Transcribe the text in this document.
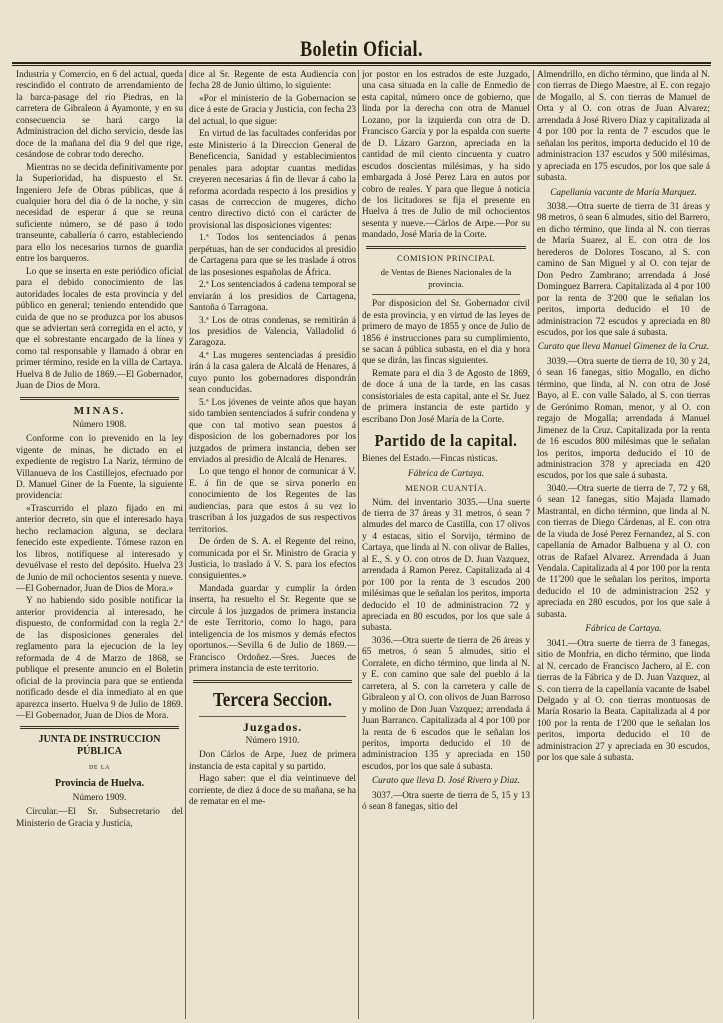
Boletin Oficial.

Industria y Comercio, en 6 del actual, queda rescindido el contrato de arrendamiento de la barca-pasage del rio Piedras, en la carretera de Gibraleon á Ayamonte, y en su consecuencia se hará cargo la Administracion del dicho servicio, desde las doce de la mañana del dia 9 del que rige, cesándose de cobrar todo derecho.

Mientras no se decida definitivamente por la Superioridad, ha dispuesto el Sr. Ingeniero Jefe de Obras públicas, que á cualquier hora del dia ó de la noche, y sin necesidad de esperar á que se reuna suficiente número, se dé paso á todo transeunte, caballería ó carro, estableciendo para ello los necesarios turnos de guardia entre los barqueros.

Lo que se inserta en este periódico oficial para el debido conocimiento de las autoridades locales de esta provincia y del público en general; teniendo entendido que cuida de que no se produzca por los abusos que se adviertan será corregida en el acto, y que el sobrestante encargado de la línea y como tal responsable y llamado á obrar en primer término, reside en la villa de Cartaya. Huelva 8 de Julio de 1869.—El Gobernador, Juan de Dios de Mora.

MINAS.
Número 1908.

Conforme con lo prevenido en la ley vigente de minas, he dictado en el expediente de registro La Nariz, término de Villanueva de los Castillejos, efectuado por D. Manuel Giner de la Fuente, la siguiente providencia:

«Trascurrido el plazo fijado en mi anterior decreto, sin que el interesado haya hecho reclamacion alguna, se declara fenecido este expediente. Tómese razon en los libros, notifíquese al interesado y devuélvase el resto del depósito. Huelva 23 de Junio de mil ochocientos sesenta y nueve.—El Gobernador, Juan de Dios de Mora.»

Y no habiendo sido posible notificar la anterior providencia al interesado, he dispuesto, de conformidad con la regla 2.ª de las disposiciones generales del reglamento para la ejecucion de la ley reformada de 4 de Marzo de 1868, se publique el presente anuncio en el Boletin oficial de la provincia para que se entienda notificado desde el dia inmediato al en que aparezca inserto. Huelva 9 de Julio de 1869.—El Gobernador, Juan de Dios de Mora.

JUNTA DE INSTRUCCION PÚBLICA
de la
Provincia de Huelva.
Número 1909.

Circular.—El Sr. Subsecretario del Ministerio de Gracia y Justicia,

dice al Sr. Regente de esta Audiencia con fecha 28 de Junio último, lo siguiente:

«Por el ministerio de la Gobernacion se dice á este de Gracia y Justicia, con fecha 23 del actual, lo que sigue:

En virtud de las facultades conferidas por este Ministerio á la Direccion General de Beneficencia, Sanidad y establecimientos penales para adoptar cuantas medidas creyeren necesarias á fin de llevar á cabo la reforma acordada respecto á los presidios y casas de correccion de mugeres, dicho centro directivo dictó con el carácter de provisional las disposiciones vigentes:

1.ª Todos los sentenciados á penas perpétuas, han de ser conducidos al presidio de Cartagena para que se les traslade á otros de las posesiones españolas de África.

2.ª Los sentenciados á cadena temporal se enviarán á los presidios de Cartagena, Santoña ó Tarragona.

3.ª Los de otras condenas, se remitirán á los presidios de Valencia, Valladolid ó Zaragoza.

4.ª Las mugeres sentenciadas á presidio irán á la casa galera de Alcalá de Henares, á cuyo punto los gobernadores dispondrán sean conducidas.

5.ª Los jóvenes de veinte años que hayan sido tambien sentenciados á sufrir condena y que con tal motivo sean puestos á disposicion de los gobernadores por los juzgados de primera instancia, deben ser enviados al presidio de Alcalá de Henares.

Lo que tengo el honor de comunicar á V. E. á fin de que se sirva ponerlo en conocimiento de los Regentes de las audiencias, para que estos á su vez lo trascriban á los juzgados de sus respectivos territorios.

De órden de S. A. el Regente del reino, comunicada por el Sr. Ministro de Gracia y Justicia, lo traslado á V. S. para los efectos consiguientes.»

Mandada guardar y cumplir la órden inserta, ha resuelto el Sr. Regente que se circule á los juzgados de primera instancia de este Territorio, como lo hago, para inteligencia de los mismos y demás efectos oportunos.—Sevilla 6 de Julio de 1869.—Francisco Ordoñez.—Sres. Jueces de primera instancia de este territorio.

Tercera Seccion.
Juzgados.
Número 1910.

Don Cárlos de Arpe, Juez de primera instancia de esta capital y su partido.

Hago saber: que el dia veintinueve del corriente, de diez á doce de su mañana, se ha de rematar en el me-

jor postor en los estrados de este Juzgado, una casa situada en la calle de Enmedio de esta capital, número once de gobierno, que linda por la derecha con otra de Manuel Lozano, por la izquierda con otra de D. Francisco García y por la espalda con suerte de D. Lázaro Garzon, apreciada en la cantidad de mil ciento cincuenta y cuatro escudos doscientas milésimas, y ha sido embargada á José Perez Lara en autos por cobro de reales. Y para que llegue á noticia de los licitadores se fija el presente en Huelva á tres de Julio de mil ochocientos sesenta y nueve.—Cárlos de Arpe.—Por su mandado, José María de la Corte.

COMISION PRINCIPAL
de Ventas de Bienes Nacionales de la provincia.

Por disposicion del Sr. Gobernador civil de esta provincia, y en virtud de las leyes de primero de mayo de 1855 y once de Julio de 1856 é instrucciones para su cumplimiento, se sacan á pública subasta, en el dia y hora que se dirán, las fincas siguientes.

Remate para el dia 3 de Agosto de 1869, de doce á una de la tarde, en las casas consistoriales de esta capital, ante el Sr. Juez de primera instancia de este partido y escribano Don José María de la Corte.

Partido de la capital.

Bienes del Estado.—Fincas rústicas.

Fábrica de Cartaya.
MENOR CUANTÍA.

Núm. del inventario 3035.—Una suerte de tierra de 37 áreas y 31 metros, ó sean 7 almudes del marco de Castilla, con 17 olivos y 4 estacas, sitio el Sorvijo, término de Cartaya, que linda al N. con olivar de Balles, al E., S. y O. con otros de D. Juan Vazquez, arrendada á Ramon Perez. Capitalizada al 4 por 100 por la renta de 3 escudos 200 milésimas que le señalan los peritos, importa deducido el 10 de administracion 72 y apreciada en 80 escudos, por los que sale á subasta.

3036.—Otra suerte de tierra de 26 áreas y 65 metros, ó sean 5 almudes, sitio el Corralete, en dicho término, que linda al N. y E. con camino que sale del pueblo á la carretera, al S. con la carretera y calle de Gibraleon y al O. con olivos de Juan Barroso y molino de Don Juan Vazquez; arrendada á Juan Barranco. Capitalizada al 4 por 100 por la renta de 6 escudos que le señalan los peritos, importa deducido el 10 de administracion 135 y apreciada en 150 escudos, por los que sale á subasta.

Curato que lleva D. José Rivero y Diaz.

3037.—Otra suerte de tierra de 5, 15 y 13 ó sean 8 fanegas, sitio del

Almendrillo, en dicho término, que linda al N. con tierras de Diego Maestre, al E. con regajo de Mogallo, al S. con tierras de Manuel de Orta y al O. con otras de Juan Alvarez; arrendada á José Rivero Diaz y capitalizada al 4 por 100 por la renta de 7 escudos que le señalan los peritos, importa deducido el 10 de administracion 137 escudos y 500 milésimas, y apreciada en 175 escudos, por los que sale á subasta.

Capellanía vacante de María Marquez.

3038.—Otra suerte de tierra de 31 áreas y 98 metros, ó sean 6 almudes, sitio del Barrero, en dicho término, que linda al N. con tierras de María Suarez, al E. con otra de los herederos de Dolores Toscano, al S. con camino de San Miguel y al O. con tejar de Don Pedro Zambrano; arrendada á José Dominguez Barrera. Capitalizada al 4 por 100 por la renta de 3'200 que le señalan los peritos, importa deducido el 10 de administracion 72 escudos y apreciada en 80 escudos, por los que sale á subasta.

Curato que lleva Manuel Gimenez de la Cruz.

3039.—Otra suerte de tierra de 10, 30 y 24, ó sean 16 fanegas, sitio Mogallo, en dicho término, que linda, al N. con otra de José Bayo, al E. con valle Salado, al S. con tierras de Gerónimo Roman, menor, y al O. con regajo de Mogalla; arrendada á Manuel Jimenez de la Cruz. Capitalizada por la renta de 16 escudos 800 milésimas que le señalan los peritos, importa deducido el 10 de administracion 378 y apreciada en 420 escudos, por los que sale á subasta.

3040.—Otra suerte de tierra de 7, 72 y 68, ó sean 12 fanegas, sitio Majada llamado Mastrantal, en dicho término, que linda al N. con tierras de Diego Cárdenas, al E. con otra de la viuda de José Perez Fernandez, al S. con capellanía de Amador Balbuena y al O. con otras de Rafael Alvarez. Arrendada á Juan Vendala. Capitalizada al 4 por 100 por la renta de 11'200 que le señalan los peritos, importa deducido el 10 de administracion 252 y apreciada en 280 escudos, por los que sale á subasta.

Fábrica de Cartaya.

3041.—Otra suerte de tierra de 3 fanegas, sitio de Monfria, en dicho término, que linda al N. cercado de Francisco Jachero, al E. con tierras de la Fábrica y de D. Juan Vazquez, al S. con tierra de la capellanía vacante de Isabel Delgado y al O. con tierras montuosas de María Rosario la Beata. Capitalizada al 4 por 100 por la renta de 1'200 que le señalan los peritos, importa deducido el 10 de administracion 27 y apreciada en 30 escudos, por los que sale á subasta.
